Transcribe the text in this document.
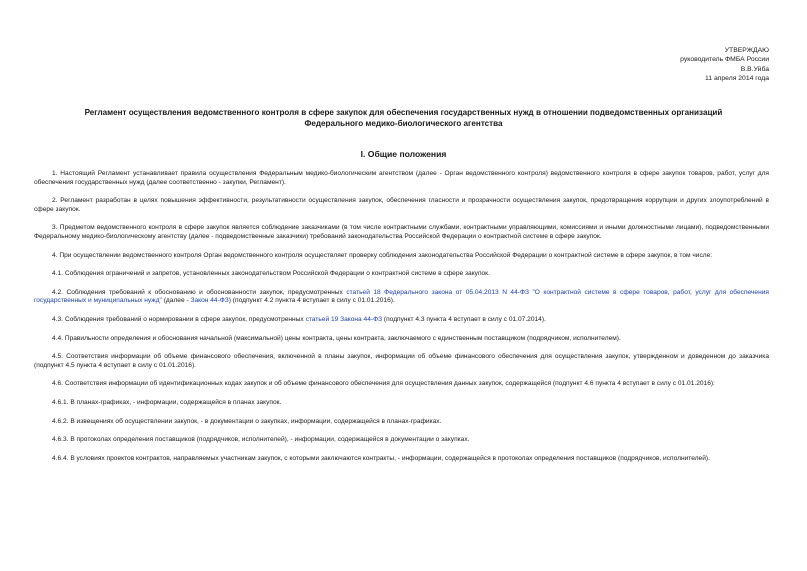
УТВЕРЖДАЮ
руководитель ФМБА России
В.В.Уйба
11 апреля 2014 года
Регламент осуществления ведомственного контроля в сфере закупок для обеспечения государственных нужд в отношении подведомственных организаций
Федерального медико-биологического агентства
I. Общие положения

1. Настоящий Регламент устанавливает правила осуществления Федеральным медико-биологическим агентством (далее - Орган ведомственного контроля) ведомственного контроля в сфере закупок товаров, работ, услуг для обеспечения государственных нужд (далее соответственно - закупки, Регламент).

2. Регламент разработан в целях повышения эффективности, результативности осуществления закупок, обеспечения гласности и прозрачности осуществления закупок, предотвращения коррупции и других злоупотреблений в сфере закупок.

3. Предметом ведомственного контроля в сфере закупок является соблюдение заказчиками (в том числе контрактными службами, контрактными управляющими, комиссиями и иными должностными лицами), подведомственными Федеральному медико-биологическому агентству (далее - подведомственные заказчики) требований законодательства Российской Федерации о контрактной системе в сфере закупок.

4. При осуществлении ведомственного контроля Орган ведомственного контроля осуществляет проверку соблюдения законодательства Российской Федерации о контрактной системе в сфере закупок, в том числе:

4.1. Соблюдения ограничений и запретов, установленных законодательством Российской Федерации о контрактной системе в сфере закупок.

4.2. Соблюдения требований к обоснованию и обоснованности закупок, предусмотренных статьей 18 Федерального закона от 05.04.2013 N 44-ФЗ "О контрактной системе в сфере товаров, работ, услуг для обеспечения государственных и муниципальных нужд" (далее - Закон 44-ФЗ) (подпункт 4.2 пункта 4 вступает в силу с 01.01.2016).

4.3. Соблюдения требований о нормировании в сфере закупок, предусмотренных статьей 19 Закона 44-ФЗ (подпункт 4.3 пункта 4 вступает в силу с 01.07.2014).

4.4. Правильности определения и обоснования начальной (максимальной) цены контракта, цены контракта, заключаемого с единственным поставщиком (подрядчиком, исполнителем).

4.5. Соответствия информации об объеме финансового обеспечения, включенной в планы закупок, информации об объеме финансового обеспечения для осуществления закупок, утвержденном и доведенном до заказчика (подпункт 4.5 пункта 4 вступает в силу с 01.01.2016).

4.6. Соответствия информации об идентификационных кодах закупок и об объеме финансового обеспечения для осуществления данных закупок, содержащейся (подпункт 4.6 пункта 4 вступает в силу с 01.01.2016):

4.6.1. В планах-графиках, - информации, содержащейся в планах закупок.

4.6.2. В извещениях об осуществлении закупок, - в документации о закупках, информации, содержащейся в планах-графиках.

4.6.3. В протоколах определения поставщиков (подрядчиков, исполнителей), - информации, содержащейся в документации о закупках.

4.6.4. В условиях проектов контрактов, направляемых участникам закупок, с которыми заключаются контракты, - информации, содержащейся в протоколах определения поставщиков (подрядчиков, исполнителей).
